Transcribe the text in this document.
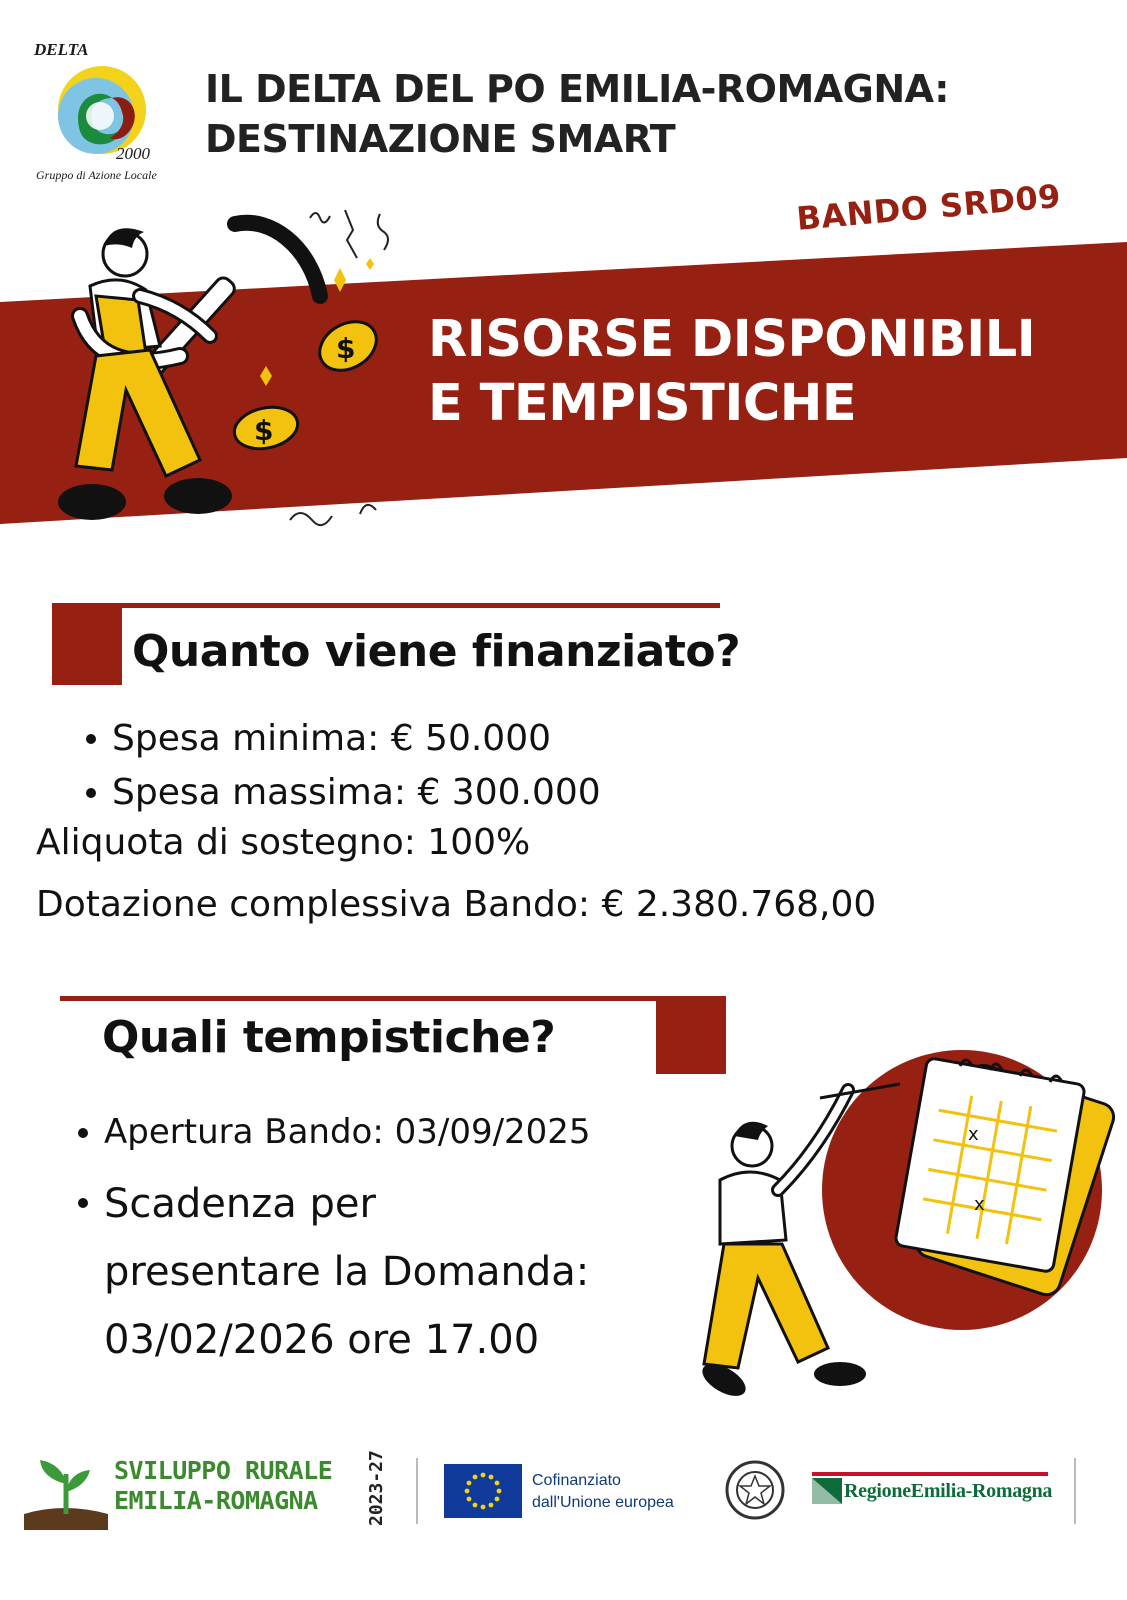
DELTA
2000
Gruppo di Azione Locale
IL DELTA DEL PO EMILIA-ROMAGNA:
DESTINAZIONE SMART
$
$
BANDO SRD09
RISORSE DISPONIBILI
E TEMPISTICHE
Quanto viene finanziato?
Spesa minima: € 50.000
Spesa massima: € 300.000
Aliquota di sostegno: 100%
Dotazione complessiva Bando: € 2.380.768,00
Quali tempistiche?
Apertura Bando: 03/09/2025
Scadenza per
presentare la Domanda:
03/02/2026 ore 17.00
x
x
SVILUPPO RURALE
EMILIA-ROMAGNA	2023-27	Cofinanziato
dall'Unione europea
RegioneEmilia-Romagna
